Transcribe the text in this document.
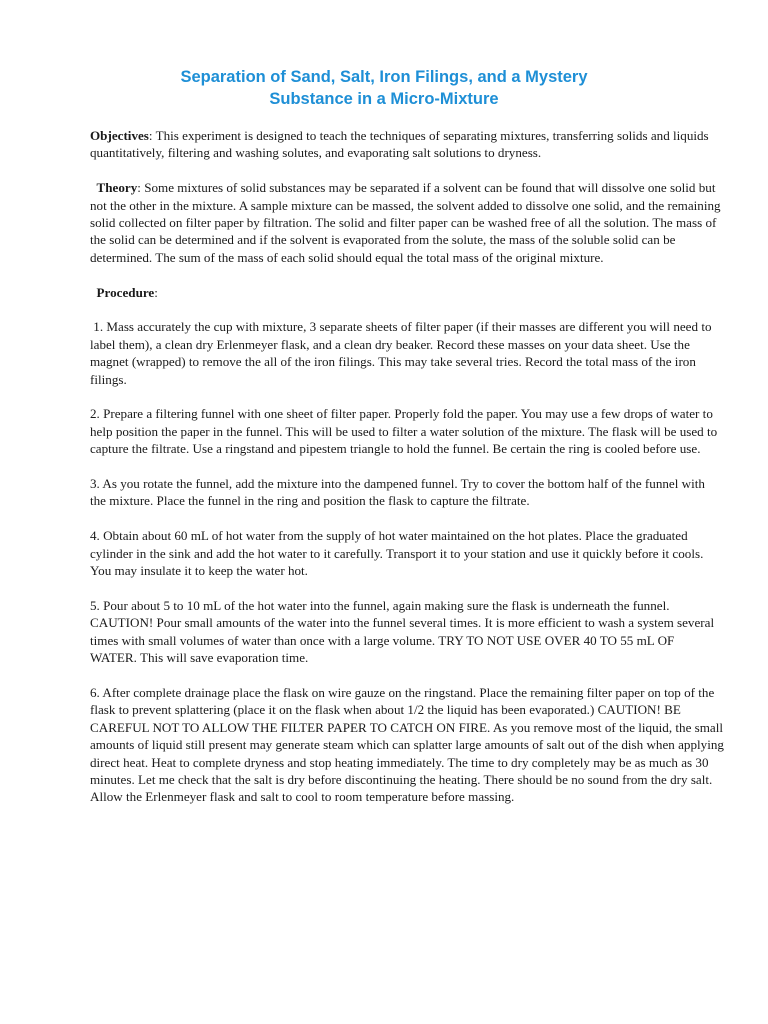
Separation of Sand, Salt, Iron Filings, and a Mystery
Substance in a Micro-Mixture

Objectives: This experiment is designed to teach the techniques of separating mixtures, transferring solids and liquids quantitatively, filtering and washing solutes, and evaporating salt solutions to dryness.

Theory: Some mixtures of solid substances may be separated if a solvent can be found that will dissolve one solid but not the other in the mixture. A sample mixture can be massed, the solvent added to dissolve one solid, and the remaining solid collected on filter paper by filtration. The solid and filter paper can be washed free of all the solution. The mass of the solid can be determined and if the solvent is evaporated from the solute, the mass of the soluble solid can be determined. The sum of the mass of each solid should equal the total mass of the original mixture.

Procedure:

1. Mass accurately the cup with mixture, 3 separate sheets of filter paper (if their masses are different you will need to label them), a clean dry Erlenmeyer flask, and a clean dry beaker. Record these masses on your data sheet. Use the magnet (wrapped) to remove the all of the iron filings. This may take several tries. Record the total mass of the iron filings.

2. Prepare a filtering funnel with one sheet of filter paper. Properly fold the paper. You may use a few drops of water to help position the paper in the funnel. This will be used to filter a water solution of the mixture. The flask will be used to capture the filtrate. Use a ringstand and pipestem triangle to hold the funnel. Be certain the ring is cooled before use.

3. As you rotate the funnel, add the mixture into the dampened funnel. Try to cover the bottom half of the funnel with the mixture. Place the funnel in the ring and position the flask to capture the filtrate.

4. Obtain about 60 mL of hot water from the supply of hot water maintained on the hot plates. Place the graduated cylinder in the sink and add the hot water to it carefully. Transport it to your station and use it quickly before it cools. You may insulate it to keep the water hot.

5. Pour about 5 to 10 mL of the hot water into the funnel, again making sure the flask is underneath the funnel. CAUTION! Pour small amounts of the water into the funnel several times. It is more efficient to wash a system several times with small volumes of water than once with a large volume. TRY TO NOT USE OVER 40 TO 55 mL OF WATER. This will save evaporation time.

6. After complete drainage place the flask on wire gauze on the ringstand. Place the remaining filter paper on top of the flask to prevent splattering (place it on the flask when about 1/2 the liquid has been evaporated.) CAUTION! BE CAREFUL NOT TO ALLOW THE FILTER PAPER TO CATCH ON FIRE. As you remove most of the liquid, the small amounts of liquid still present may generate steam which can splatter large amounts of salt out of the dish when applying direct heat. Heat to complete dryness and stop heating immediately. The time to dry completely may be as much as 30 minutes. Let me check that the salt is dry before discontinuing the heating. There should be no sound from the dry salt. Allow the Erlenmeyer flask and salt to cool to room temperature before massing.
